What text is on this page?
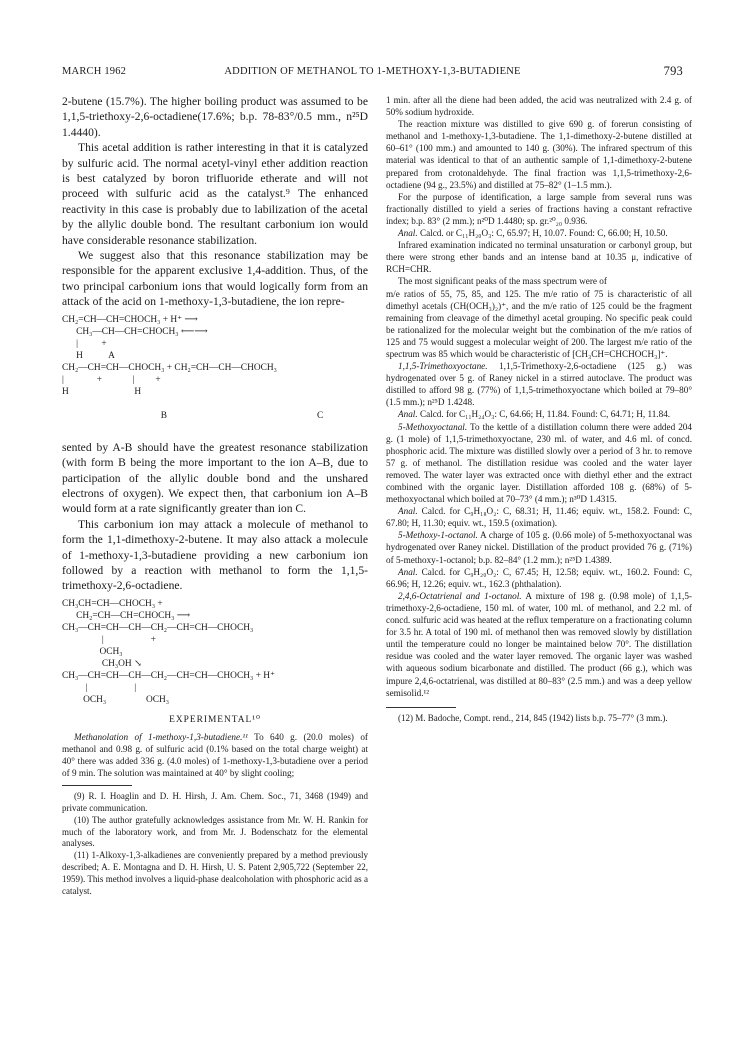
MARCH 1962	ADDITION OF METHANOL TO 1-METHOXY-1,3-BUTADIENE	793

2-butene (15.7%). The higher boiling product was assumed to be 1,1,5-triethoxy-2,6-octadiene(17.6%; b.p. 78-83°/0.5 mm., n²⁵D 1.4440).

This acetal addition is rather interesting in that it is catalyzed by sulfuric acid. The normal acetyl-vinyl ether addition reaction is best catalyzed by boron trifluoride etherate and will not proceed with sulfuric acid as the catalyst.⁹ The enhanced reactivity in this case is probably due to labilization of the acetal by the allylic double bond. The resultant carbonium ion would have considerable resonance stabilization.

We suggest also that this resonance stabilization may be responsible for the apparent exclusive 1,4-addition. Thus, of the two principal carbonium ions that would logically form from an attack of the acid on 1-methoxy-1,3-butadiene, the ion repre-

CH₂=CH—CH=CHOCH₃ + H⁺ ⟶
CH₃—CH—CH=CHOCH₃ ⟵⟶
|          +
H           A
CH₂—CH=CH—CHOCH₃ + CH₂=CH—CH—CHOCH₃
|              +             |         +
H                            H

B	C

sented by A-B should have the greatest resonance stabilization (with form B being the more important to the ion A–B, due to participation of the allylic double bond and the unshared electrons of oxygen). We expect then, that carbonium ion A–B would form at a rate significantly greater than ion C.

This carbonium ion may attack a molecule of methanol to form the 1,1-dimethoxy-2-butene. It may also attack a molecule of 1-methoxy-1,3-butadiene providing a new carbonium ion followed by a reaction with methanol to form the 1,1,5-trimethoxy-2,6-octadiene.

CH₃CH=CH—CHOCH₃ +
CH₂=CH—CH=CHOCH₃ ⟶
CH₃—CH=CH—CH—CH₂—CH=CH—CHOCH₃
|                    +
OCH₃
CH₃OH ↘
CH₃—CH=CH—CH—CH₂—CH=CH—CHOCH₃ + H⁺
|                    |
OCH₃                 OCH₃
EXPERIMENTAL¹⁰

Methanolation of 1-methoxy-1,3-butadiene.¹¹ To 640 g. (20.0 moles) of methanol and 0.98 g. of sulfuric acid (0.1% based on the total charge weight) at 40° there was added 336 g. (4.0 moles) of 1-methoxy-1,3-butadiene over a period of 9 min. The solution was maintained at 40° by slight cooling;

(9) R. I. Hoaglin and D. H. Hirsh, J. Am. Chem. Soc., 71, 3468 (1949) and private communication.

(10) The author gratefully acknowledges assistance from Mr. W. H. Rankin for much of the laboratory work, and from Mr. J. Bodenschatz for the elemental analyses.

(11) 1-Alkoxy-1,3-alkadienes are conveniently prepared by a method previously described; A. E. Montagna and D. H. Hirsh, U. S. Patent 2,905,722 (September 22, 1959). This method involves a liquid-phase dealcoholation with phosphoric acid as a catalyst.

1 min. after all the diene had been added, the acid was neutralized with 2.4 g. of 50% sodium hydroxide.

The reaction mixture was distilled to give 690 g. of forerun consisting of methanol and 1-methoxy-1,3-butadiene. The 1,1-dimethoxy-2-butene distilled at 60–61° (100 mm.) and amounted to 140 g. (30%). The infrared spectrum of this material was identical to that of an authentic sample of 1,1-dimethoxy-2-butene prepared from crotonaldehyde. The final fraction was 1,1,5-trimethoxy-2,6-octadiene (94 g., 23.5%) and distilled at 75–82° (1–1.5 mm.).

For the purpose of identification, a large sample from several runs was fractionally distilled to yield a series of fractions having a constant refractive index; b.p. 83° (2 mm.); n²⁰D 1.4480; sp. gr.²⁰₂₀ 0.936.

Anal. Calcd. or C₁₁H₂₀O₃: C, 65.97; H, 10.07. Found: C, 66.00; H, 10.50.

Infrared examination indicated no terminal unsaturation or carbonyl group, but there were strong ether bands and an intense band at 10.35 μ, indicative of RCH=CHR.

The most significant peaks of the mass spectrum were of

m/e ratios of 55, 75, 85, and 125. The m/e ratio of 75 is characteristic of all dimethyl acetals (CH(OCH₃)₂)⁺, and the m/e ratio of 125 could be the fragment remaining from cleavage of the dimethyl acetal grouping. No specific peak could be rationalized for the molecular weight but the combination of the m/e ratios of 125 and 75 would suggest a molecular weight of 200. The largest m/e ratio of the spectrum was 85 which would be characteristic of [CH₃CH=CHCHOCH₃]⁺.

1,1,5-Trimethoxyoctane. 1,1,5-Trimethoxy-2,6-octadiene (125 g.) was hydrogenated over 5 g. of Raney nickel in a stirred autoclave. The product was distilled to afford 98 g. (77%) of 1,1,5-trimethoxyoctane which boiled at 79–80° (1.5 mm.); n²⁵D 1.4248.

Anal. Calcd. for C₁₁H₂₄O₃: C, 64.66; H, 11.84. Found: C, 64.71; H, 11.84.

5-Methoxyoctanal. To the kettle of a distillation column there were added 204 g. (1 mole) of 1,1,5-trimethoxyoctane, 230 ml. of water, and 4.6 ml. of concd. phosphoric acid. The mixture was distilled slowly over a period of 3 hr. to remove 57 g. of methanol. The distillation residue was cooled and the water layer removed. The water layer was extracted once with diethyl ether and the extract combined with the organic layer. Distillation afforded 108 g. (68%) of 5-methoxyoctanal which boiled at 70–73° (4 mm.); n³⁰D 1.4315.

Anal. Calcd. for C₉H₁₈O₂: C, 68.31; H, 11.46; equiv. wt., 158.2. Found: C, 67.80; H, 11.30; equiv. wt., 159.5 (oximation).

5-Methoxy-1-octanol. A charge of 105 g. (0.66 mole) of 5-methoxyoctanal was hydrogenated over Raney nickel. Distillation of the product provided 76 g. (71%) of 5-methoxy-1-octanol; b.p. 82–84° (1.2 mm.); n²⁵D 1.4389.

Anal. Calcd. for C₉H₂₀O₂: C, 67.45; H, 12.58; equiv. wt., 160.2. Found: C, 66.96; H, 12.26; equiv. wt., 162.3 (phthalation).

2,4,6-Octatrienal and 1-octanol. A mixture of 198 g. (0.98 mole) of 1,1,5-trimethoxy-2,6-octadiene, 150 ml. of water, 100 ml. of methanol, and 2.2 ml. of concd. sulfuric acid was heated at the reflux temperature on a fractionating column for 3.5 hr. A total of 190 ml. of methanol then was removed slowly by distillation until the temperature could no longer be maintained below 70°. The distillation residue was cooled and the water layer removed. The organic layer was washed with aqueous sodium bicarbonate and distilled. The product (66 g.), which was impure 2,4,6-octatrienal, was distilled at 80–83° (2.5 mm.) and was a deep yellow semisolid.¹²

(12) M. Badoche, Compt. rend., 214, 845 (1942) lists b.p. 75–77° (3 mm.).
